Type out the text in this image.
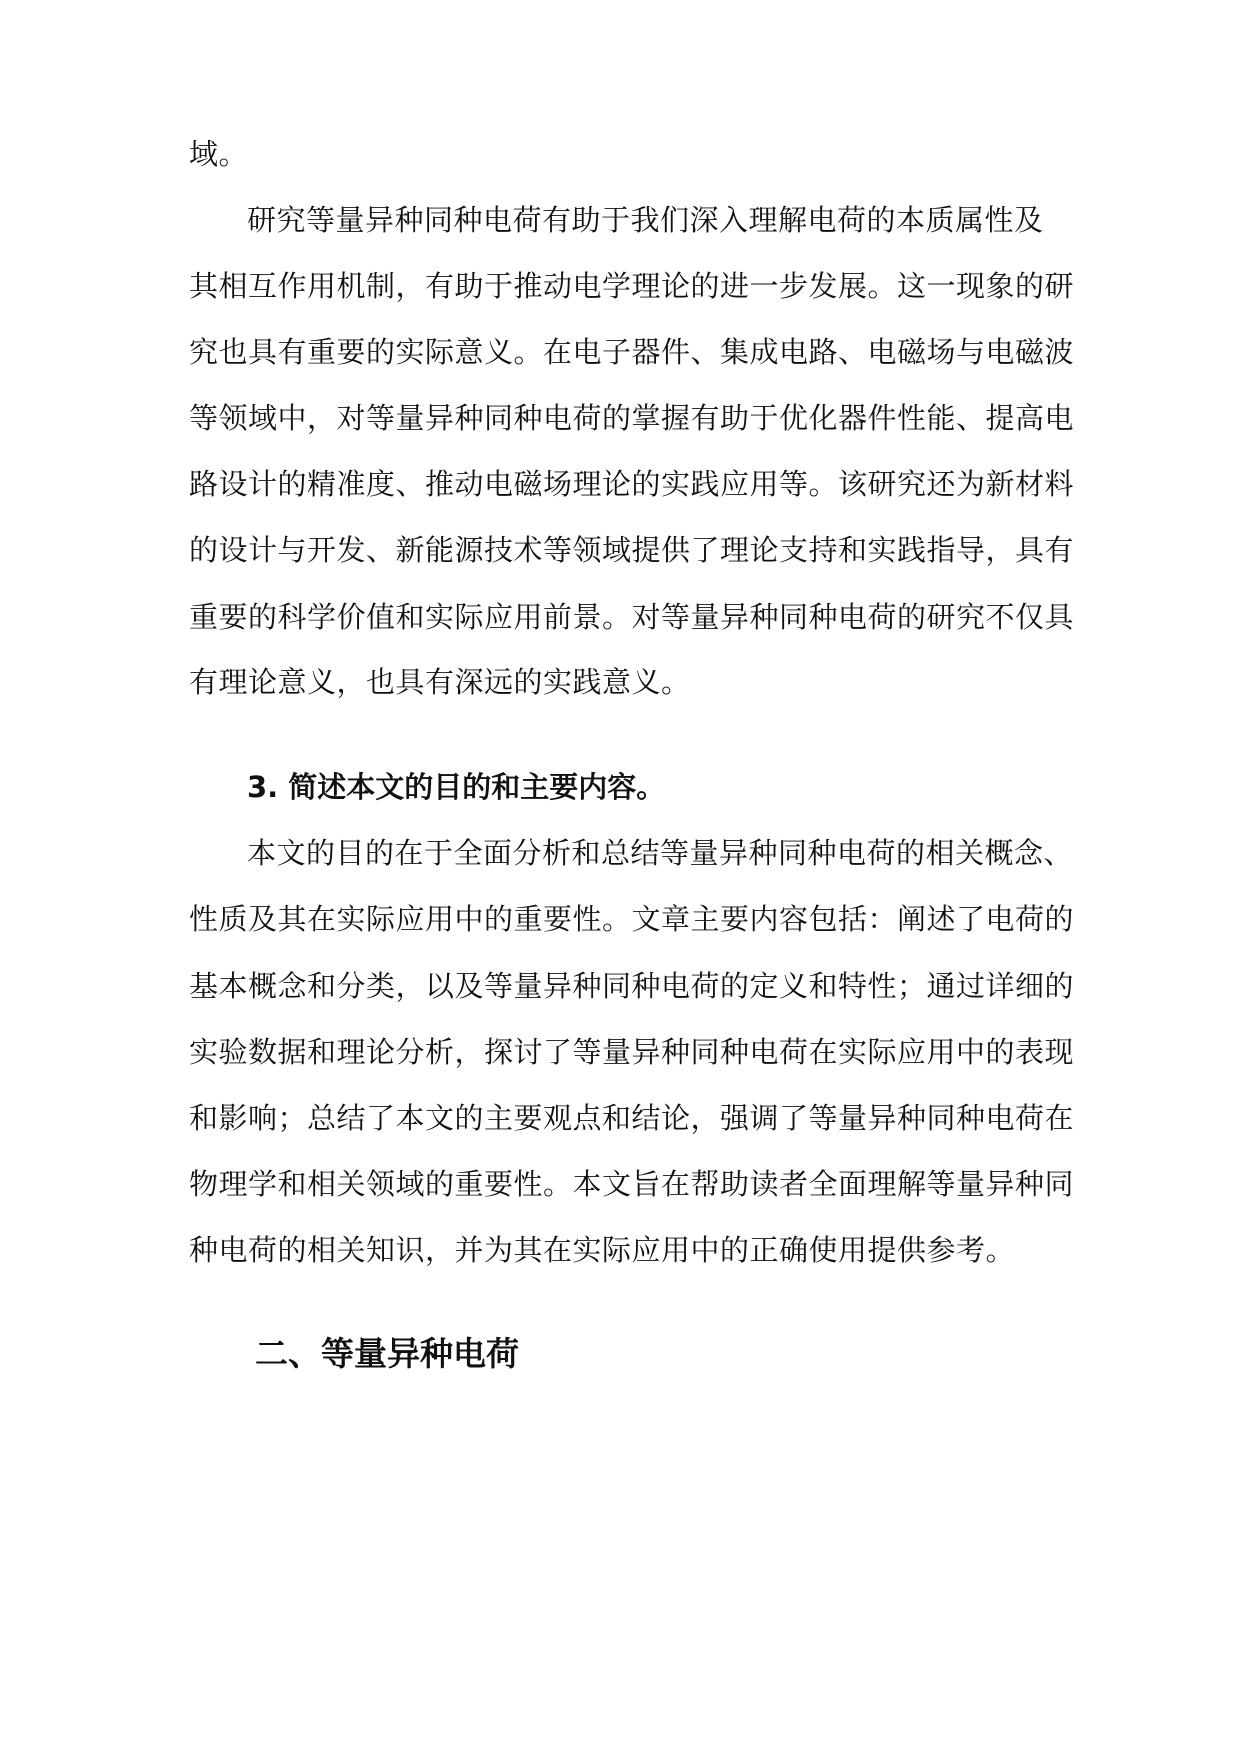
域。
研究等量异种同种电荷有助于我们深入理解电荷的本质属性及
其相互作用机制，有助于推动电学理论的进一步发展。这一现象的研
究也具有重要的实际意义。在电子器件、集成电路、电磁场与电磁波
等领域中，对等量异种同种电荷的掌握有助于优化器件性能、提高电
路设计的精准度、推动电磁场理论的实践应用等。该研究还为新材料
的设计与开发、新能源技术等领域提供了理论支持和实践指导，具有
重要的科学价值和实际应用前景。对等量异种同种电荷的研究不仅具
有理论意义，也具有深远的实践意义。
3. 简述本文的目的和主要内容。
本文的目的在于全面分析和总结等量异种同种电荷的相关概念、
性质及其在实际应用中的重要性。文章主要内容包括：阐述了电荷的
基本概念和分类，以及等量异种同种电荷的定义和特性；通过详细的
实验数据和理论分析，探讨了等量异种同种电荷在实际应用中的表现
和影响；总结了本文的主要观点和结论，强调了等量异种同种电荷在
物理学和相关领域的重要性。本文旨在帮助读者全面理解等量异种同
种电荷的相关知识，并为其在实际应用中的正确使用提供参考。
二、等量异种电荷
